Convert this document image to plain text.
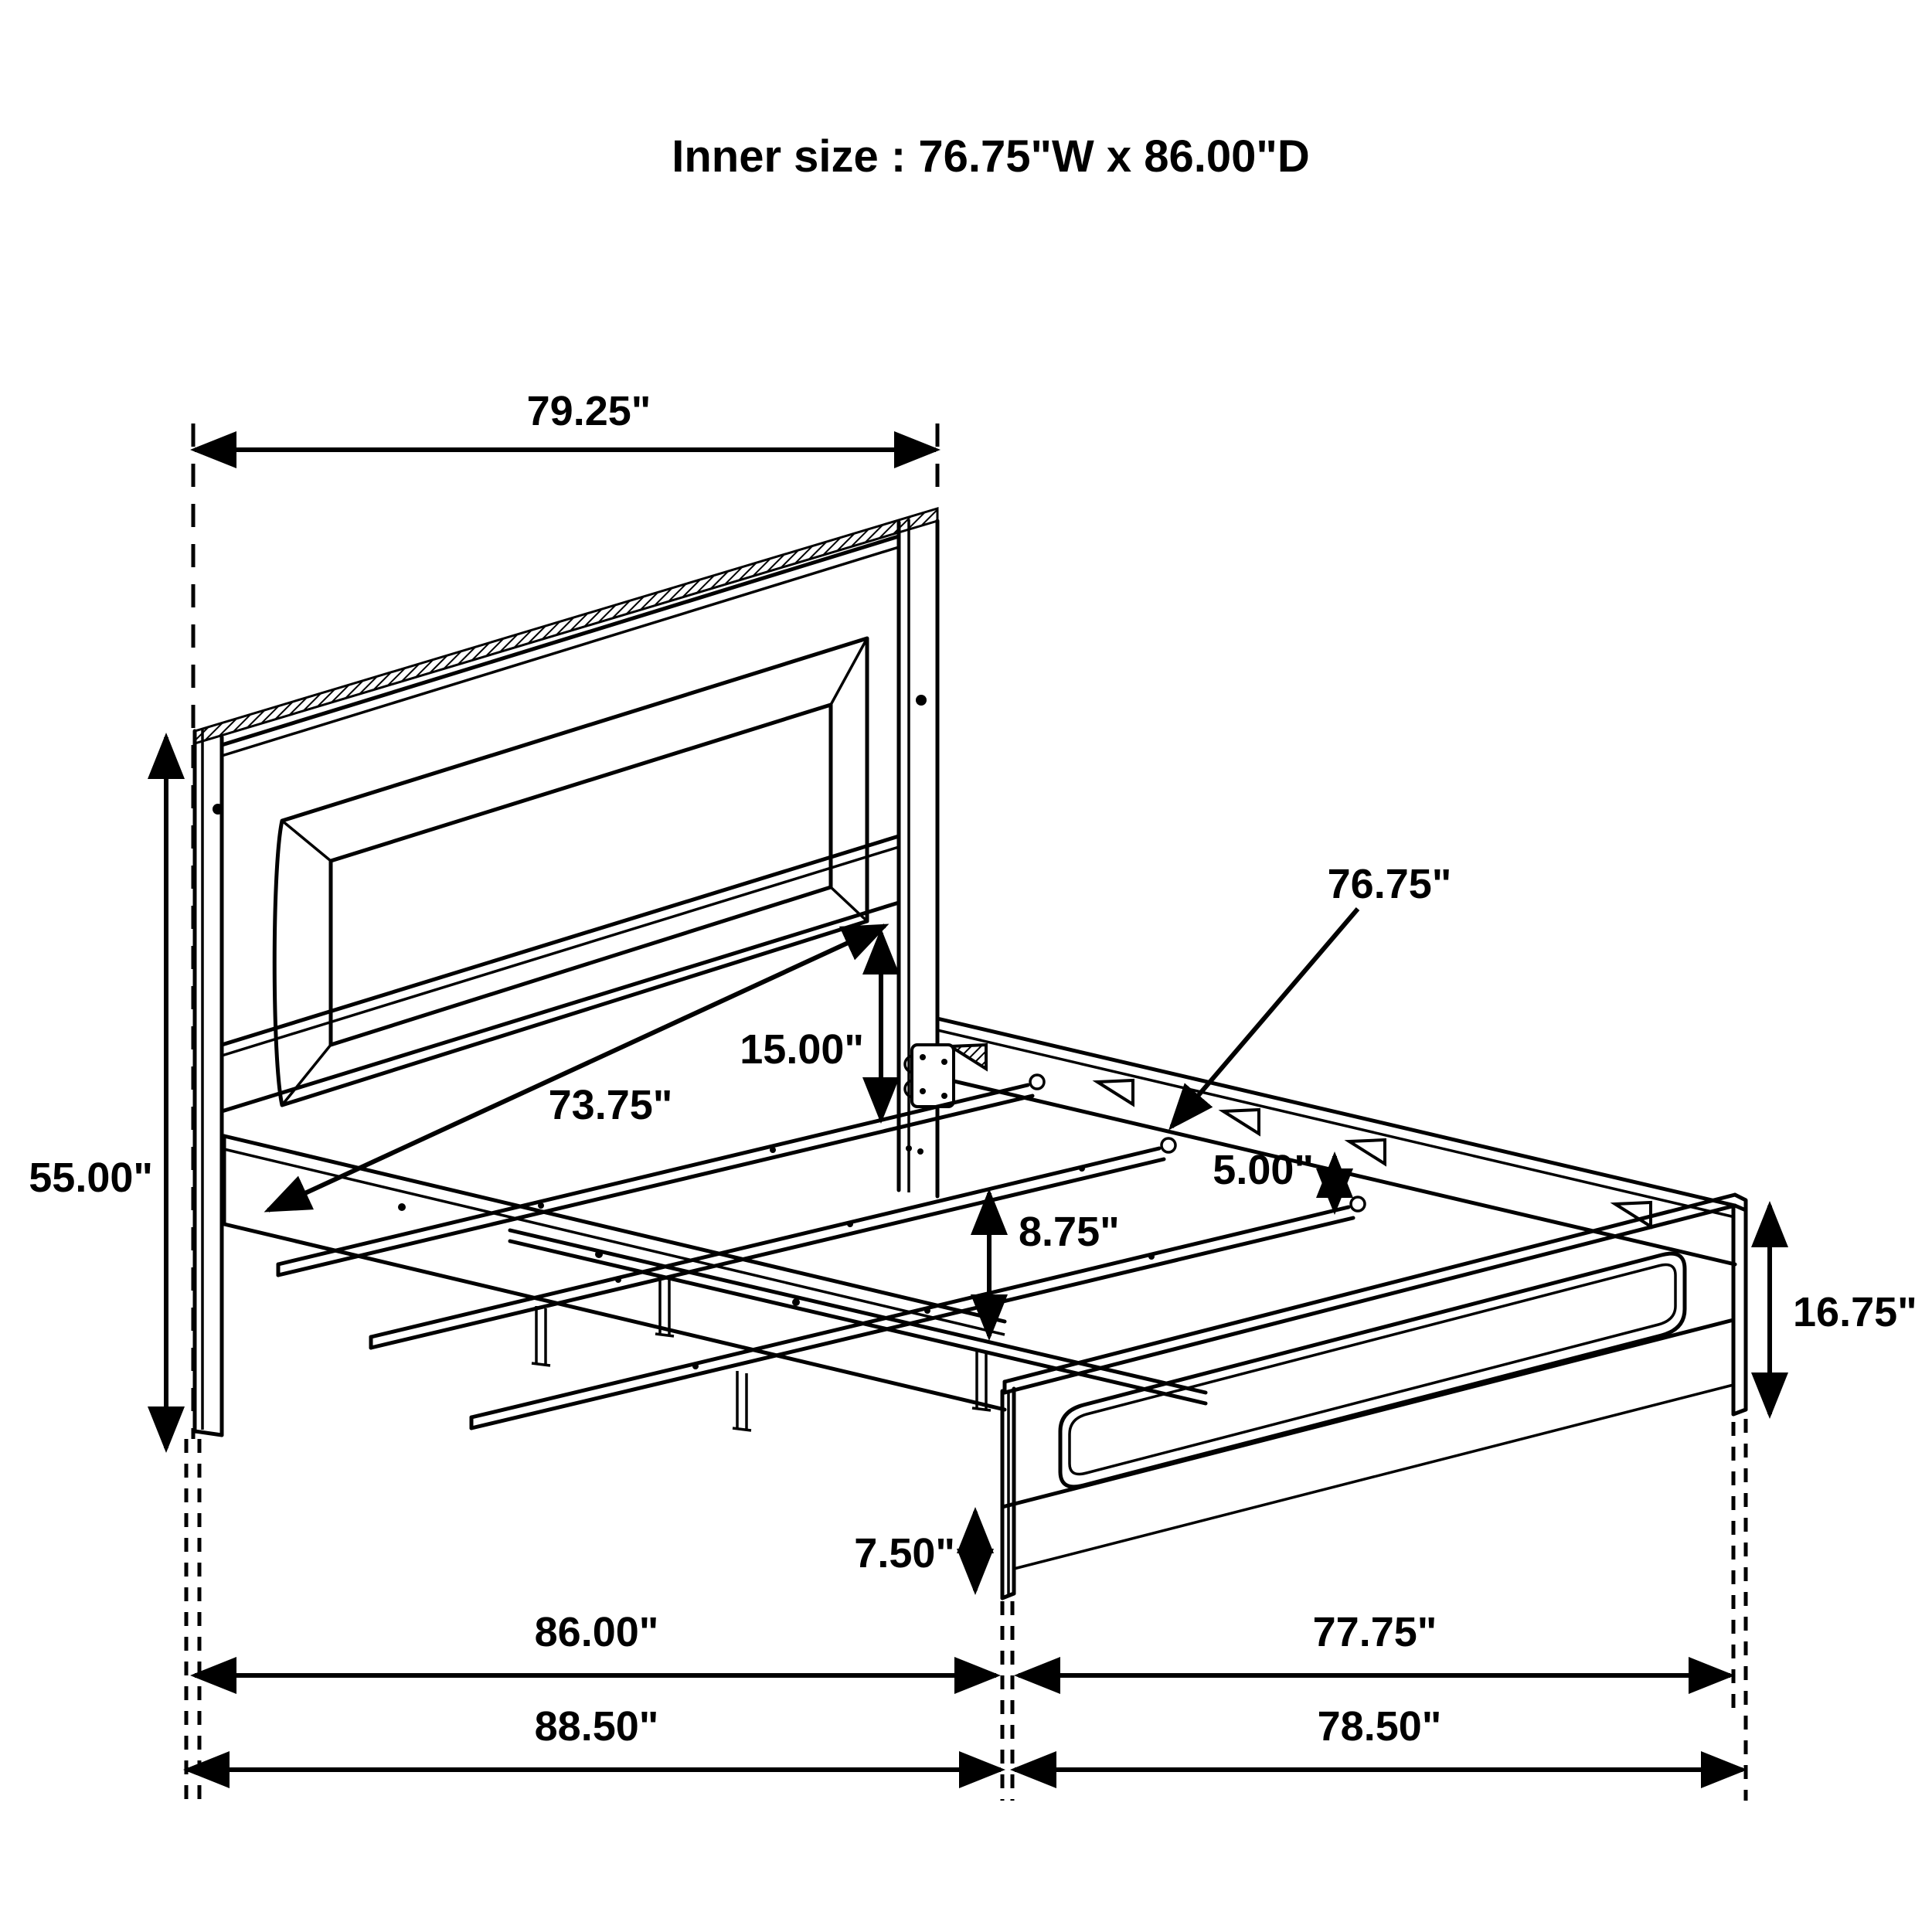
Inner size : 76.75"W x 86.00"D
79.25"
55.00"
73.75"
15.00"
76.75"
5.00"
8.75"
16.75"
7.50"
86.00"	77.75"
88.50"	78.50"
